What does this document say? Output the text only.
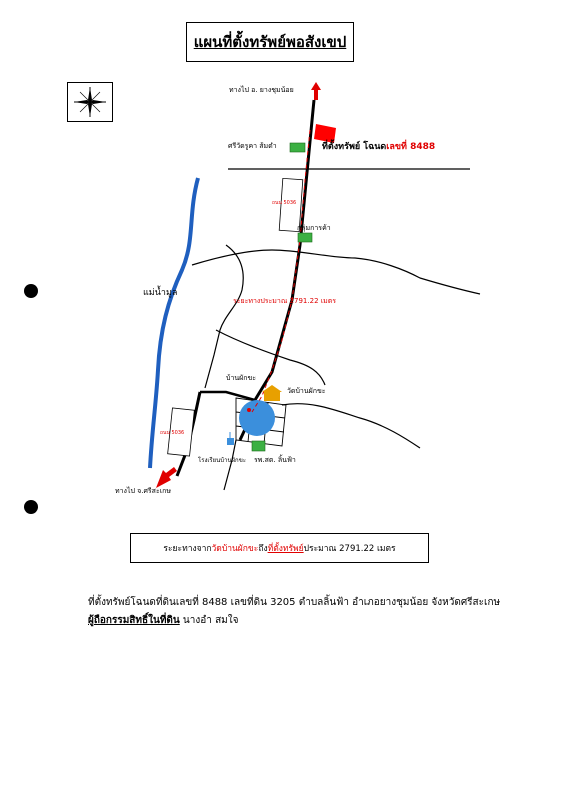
แผนที่ตั้งทรัพย์พอสังเขป
ทางไป อ. ยางชุมน้อย
ที่ตั้งทรัพย์ โฉนดเลขที่ 8488
ศรีวัดรูคา ส้มตำ
ถนน 5036
กลุ่มการค้า
แม่น้ำมูล
ระยะทางประมาณ 2791.22 เมตร
บ้านผักขะ
วัดบ้านผักขะ
ถนน 5036
โรงเรียนบ้านผักขะ รพ.สต. ลิ้นฟ้า
ทางไป จ.ศรีสะเกษ
ระยะทางจาก วัดบ้านผักขะ ถึง ที่ตั้งทรัพย์ ประมาณ 2791.22 เมตร
ที่ตั้งทรัพย์โฉนดที่ดินเลขที่ 8488 เลขที่ดิน 3205 ตำบลลิ้นฟ้า อำเภอยางชุมน้อย จังหวัดศรีสะเกษ
ผู้ถือกรรมสิทธิ์ในที่ดิน นางอำ สมใจ
